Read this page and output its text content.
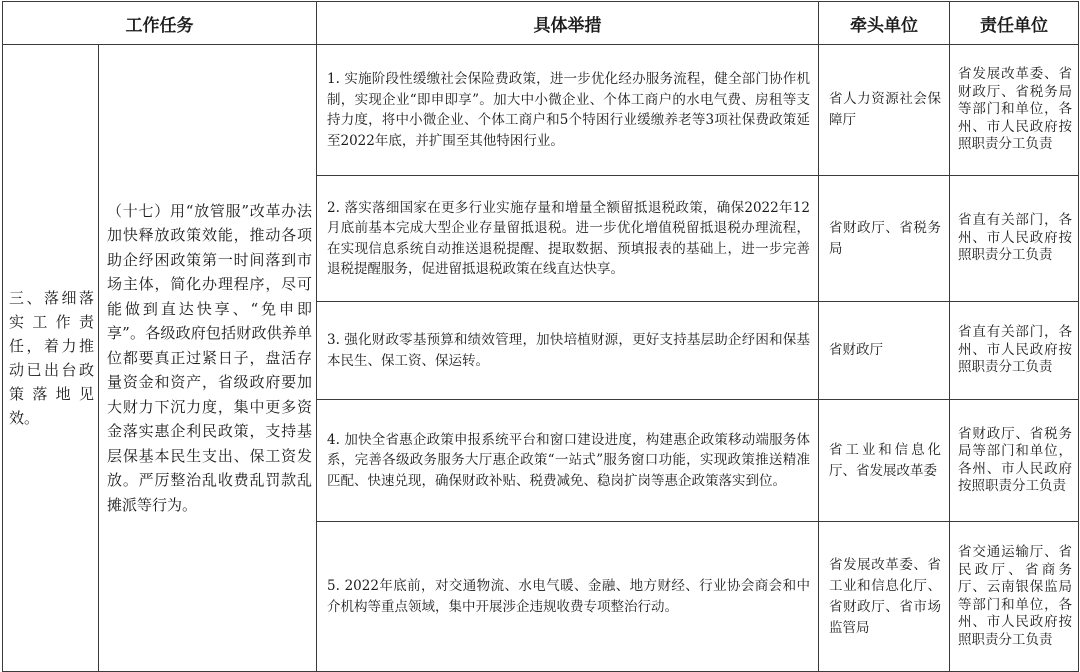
工作任务		具体举措	牵头单位	责任单位
三、落细落实工作责任，着力推动已出台政策落地见效。	（十七）用“放管服”改革办法加快释放政策效能，推动各项助企纾困政策第一时间落到市场主体，简化办理程序，尽可能做到直达快享、“免申即享”。各级政府包括财政供养单位都要真正过紧日子，盘活存量资金和资产，省级政府要加大财力下沉力度，集中更多资金落实惠企利民政策，支持基层保基本民生支出、保工资发放。严厉整治乱收费乱罚款乱摊派等行为。	1. 实施阶段性缓缴社会保险费政策，进一步优化经办服务流程，健全部门协作机制，实现企业“即申即享”。加大中小微企业、个体工商户的水电气费、房租等支持力度，将中小微企业、个体工商户和5个特困行业缓缴养老等3项社保费政策延至2022年底，并扩围至其他特困行业。	省人力资源社会保障厅	省发展改革委、省财政厅、省税务局等部门和单位，各州、市人民政府按照职责分工负责
		2. 落实落细国家在更多行业实施存量和增量全额留抵退税政策，确保2022年12月底前基本完成大型企业存量留抵退税。进一步优化增值税留抵退税办理流程，在实现信息系统自动推送退税提醒、提取数据、预填报表的基础上，进一步完善退税提醒服务，促进留抵退税政策在线直达快享。	省财政厅、省税务局	省直有关部门，各州、市人民政府按照职责分工负责
		3. 强化财政零基预算和绩效管理，加快培植财源，更好支持基层助企纾困和保基本民生、保工资、保运转。	省财政厅	省直有关部门，各州、市人民政府按照职责分工负责
		4. 加快全省惠企政策申报系统平台和窗口建设进度，构建惠企政策移动端服务体系，完善各级政务服务大厅惠企政策“一站式”服务窗口功能，实现政策推送精准匹配、快速兑现，确保财政补贴、税费减免、稳岗扩岗等惠企政策落实到位。	省工业和信息化厅、省发展改革委	省财政厅、省税务局等部门和单位，各州、市人民政府按照职责分工负责
		5. 2022年底前，对交通物流、水电气暖、金融、地方财经、行业协会商会和中介机构等重点领域，集中开展涉企违规收费专项整治行动。	省发展改革委、省工业和信息化厅、省财政厅、省市场监管局	省交通运输厅、省民政厅、省商务厅、云南银保监局等部门和单位，各州、市人民政府按照职责分工负责
